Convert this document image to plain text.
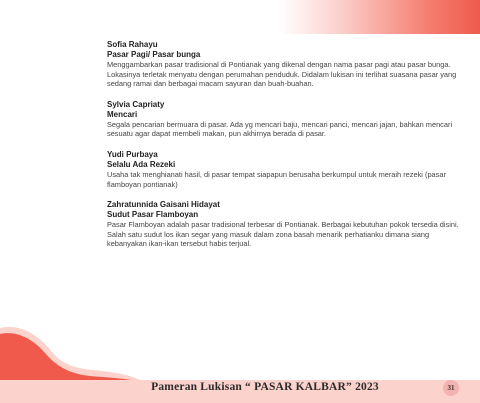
Sofia Rahayu
Pasar Pagi/ Pasar bunga
Menggambarkan pasar tradisional di Pontianak yang dikenal dengan nama pasar pagi atau pasar bunga. Lokasinya terletak menyatu dengan perumahan penduduk. Didalam lukisan ini terlihat suasana pasar yang sedang ramai dan berbagai macam sayuran dan buah-buahan.
Sylvia Capriaty
Mencari
Segala pencarian bermuara di pasar. Ada yg mencari baju, mencari panci, mencari jajan, bahkan mencari sesuatu agar dapat membeli makan, pun akhirnya berada di pasar.
Yudi Purbaya
Selalu Ada Rezeki
Usaha tak menghianati hasil, di pasar tempat siapapun berusaha berkumpul untuk meraih rezeki (pasar flamboyan pontianak)
Zahratunnida Gaisani Hidayat
Sudut Pasar Flamboyan
Pasar Flamboyan adalah pasar tradisional terbesar di Pontianak. Berbagai kebutuhan pokok tersedia disini. Salah satu sudut los ikan segar yang masuk dalam zona basah menarik perhatianku dimana siang kebanyakan ikan-ikan tersebut habis terjual.
Pameran Lukisan “ PASAR KALBAR” 2023	31
